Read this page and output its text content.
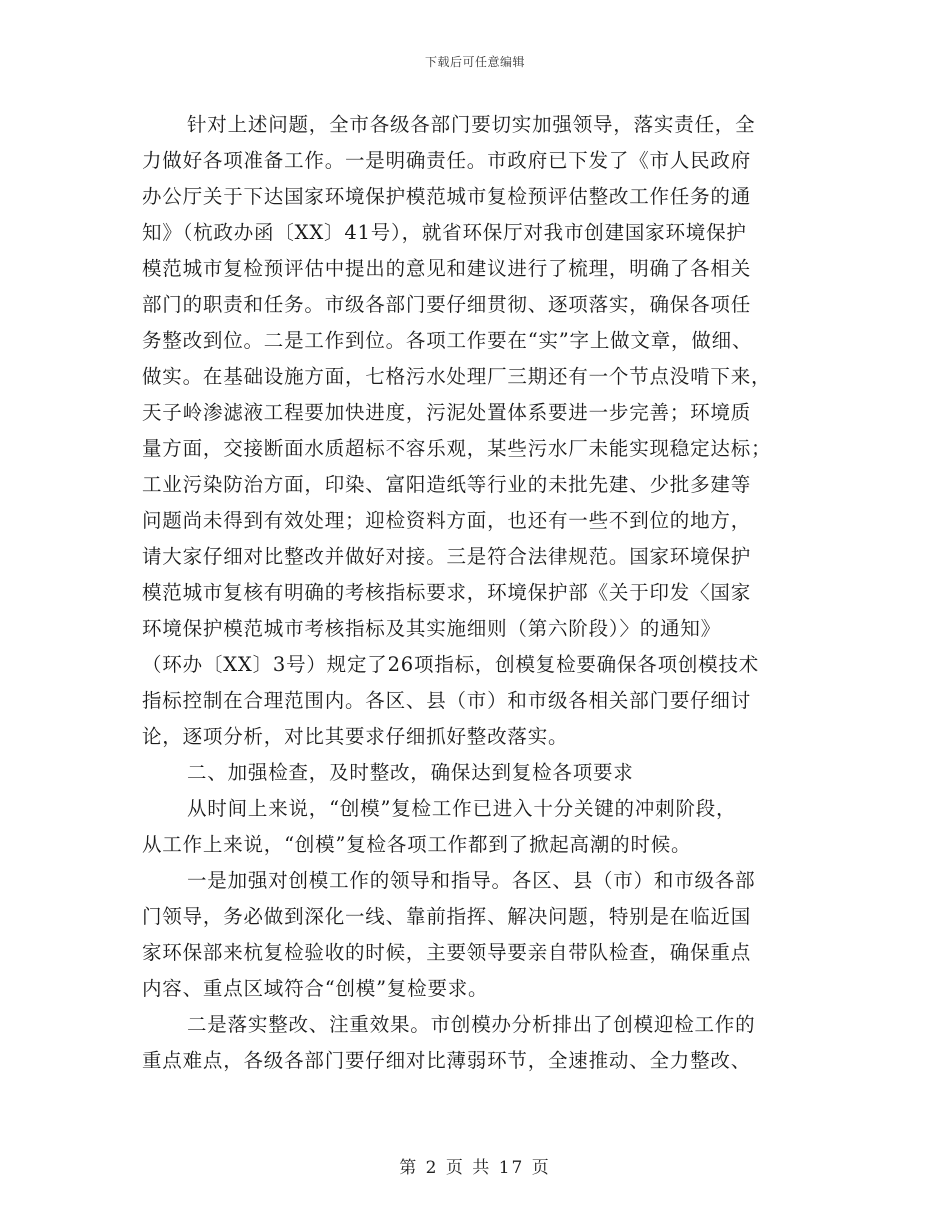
下载后可任意编辑
针对上述问题，全市各级各部门要切实加强领导，落实责任，全
力做好各项准备工作。一是明确责任。市政府已下发了《市人民政府
办公厅关于下达国家环境保护模范城市复检预评估整改工作任务的通
知》（杭政办函〔XX〕41号），就省环保厅对我市创建国家环境保护
模范城市复检预评估中提出的意见和建议进行了梳理，明确了各相关
部门的职责和任务。市级各部门要仔细贯彻、逐项落实，确保各项任
务整改到位。二是工作到位。各项工作要在“实”字上做文章，做细、
做实。在基础设施方面，七格污水处理厂三期还有一个节点没啃下来，
天子岭渗滤液工程要加快进度，污泥处置体系要进一步完善；环境质
量方面，交接断面水质超标不容乐观，某些污水厂未能实现稳定达标；
工业污染防治方面，印染、富阳造纸等行业的未批先建、少批多建等
问题尚未得到有效处理；迎检资料方面，也还有一些不到位的地方，
请大家仔细对比整改并做好对接。三是符合法律规范。国家环境保护
模范城市复核有明确的考核指标要求，环境保护部《关于印发〈国家
环境保护模范城市考核指标及其实施细则（第六阶段）〉的通知》
（环办〔XX〕3号）规定了26项指标，创模复检要确保各项创模技术
指标控制在合理范围内。各区、县（市）和市级各相关部门要仔细讨
论，逐项分析，对比其要求仔细抓好整改落实。
二、加强检查，及时整改，确保达到复检各项要求
从时间上来说，“创模”复检工作已进入十分关键的冲刺阶段，
从工作上来说，“创模”复检各项工作都到了掀起高潮的时候。
一是加强对创模工作的领导和指导。各区、县（市）和市级各部
门领导，务必做到深化一线、靠前指挥、解决问题，特别是在临近国
家环保部来杭复检验收的时候，主要领导要亲自带队检查，确保重点
内容、重点区域符合“创模”复检要求。
二是落实整改、注重效果。市创模办分析排出了创模迎检工作的
重点难点，各级各部门要仔细对比薄弱环节，全速推动、全力整改、
第 2 页 共 17 页
